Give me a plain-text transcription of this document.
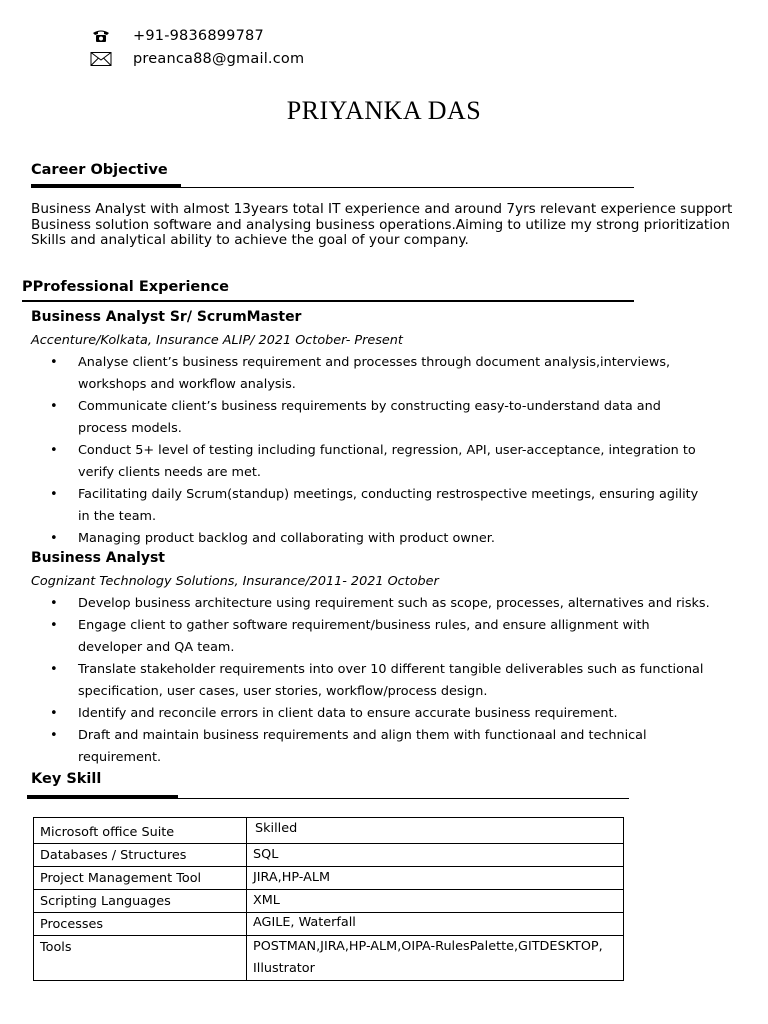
+91-9836899787
preanca88@gmail.com
PRIYANKA DAS
Career Objective
Business Analyst with almost 13years total IT experience and around 7yrs relevant experience support
Business solution software and analysing business operations.Aiming to utilize my strong prioritization
Skills and analytical ability to achieve the goal of your company.
PProfessional Experience
Business Analyst Sr/ ScrumMaster
Accenture/Kolkata, Insurance ALIP/ 2021 October- Present
• Analyse client’s business requirement and processes through document analysis,interviews,
workshops and workflow analysis.
• Communicate client’s business requirements by constructing easy-to-understand data and
process models.
• Conduct 5+ level of testing including functional, regression, API, user-acceptance, integration to
verify clients needs are met.
• Facilitating daily Scrum(standup) meetings, conducting restrospective meetings, ensuring agility
in the team.
• Managing product backlog and collaborating with product owner.
Business Analyst
Cognizant Technology Solutions, Insurance/2011- 2021 October
• Develop business architecture using requirement such as scope, processes, alternatives and risks.
• Engage client to gather software requirement/business rules, and ensure allignment with
developer and QA team.
• Translate stakeholder requirements into over 10 different tangible deliverables such as functional
specification, user cases, user stories, workflow/process design.
• Identify and reconcile errors in client data to ensure accurate business requirement.
• Draft and maintain business requirements and align them with functionaal and technical
requirement.
Key Skill
Microsoft office Suite	Skilled
Databases / Structures	SQL
Project Management Tool	JIRA,HP-ALM
Scripting Languages	XML
Processes	AGILE, Waterfall
Tools	POSTMAN,JIRA,HP-ALM,OIPA-RulesPalette,GITDESKTOP,
Illustrator
